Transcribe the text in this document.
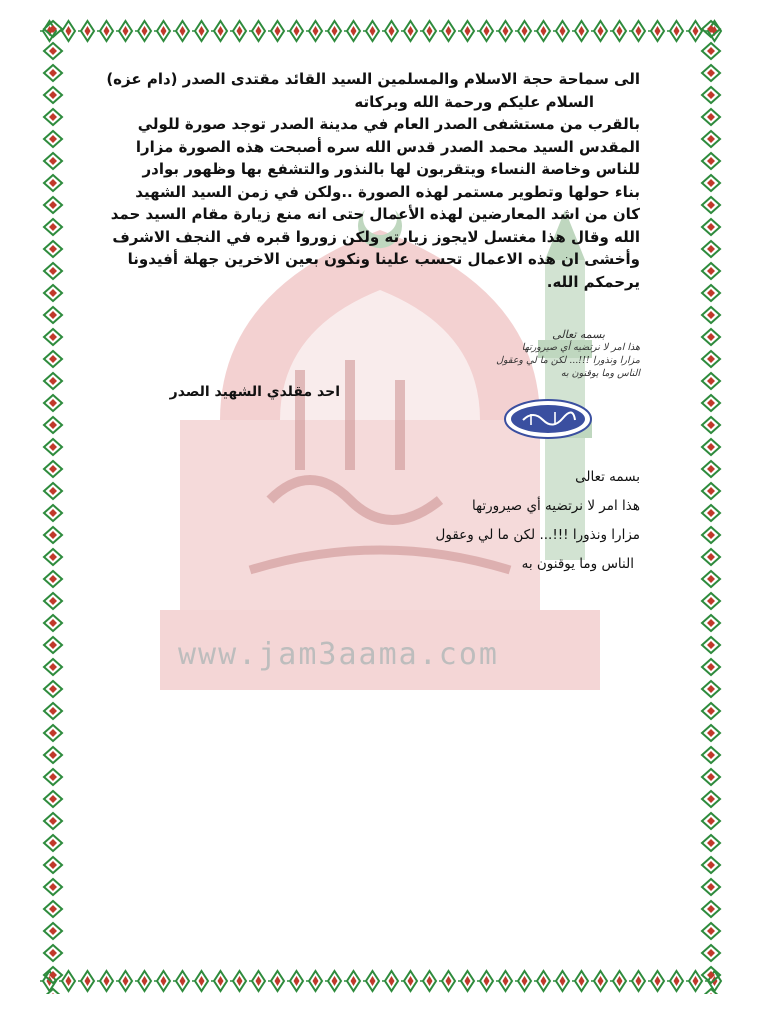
www.jam3aama.com

الى سماحة حجة الاسلام والمسلمين السيد القائد مقتدى الصدر (دام عزه)

السلام عليكم ورحمة الله وبركاته

بالقرب من مستشفى الصدر العام في مدينة الصدر توجد صورة للولي

المقدس السيد محمد الصدر قدس الله سره أصبحت هذه الصورة مزارا

للناس وخاصة النساء ويتقربون لها بالنذور والتشفع بها وظهور بوادر

بناء حولها وتطوير مستمر لهذه الصورة ..ولكن في زمن السيد الشهيد

كان من اشد المعارضين لهذه الأعمال حتى انه منع زيارة مقام السيد حمد

الله وقال هذا مغتسل لايجوز زيارته ولكن زوروا قبره في النجف الاشرف

وأخشى ان هذه الاعمال تحسب علينا ونكون بعين الاخرين جهلة أفيدونا

يرحمكم الله.

بسمه تعالى
هذا امر لا نرتضيه أي صيرورتها
مزارا ونذورا !!!... لكن ما لي وعقول
الناس وما يوقنون به
احد مقلدي الشهيد الصدر
بسمه تعالى
هذا امر لا نرتضيه أي صيرورتها
مزارا ونذورا !!!... لكن ما لي وعقول
الناس وما يوقنون به
